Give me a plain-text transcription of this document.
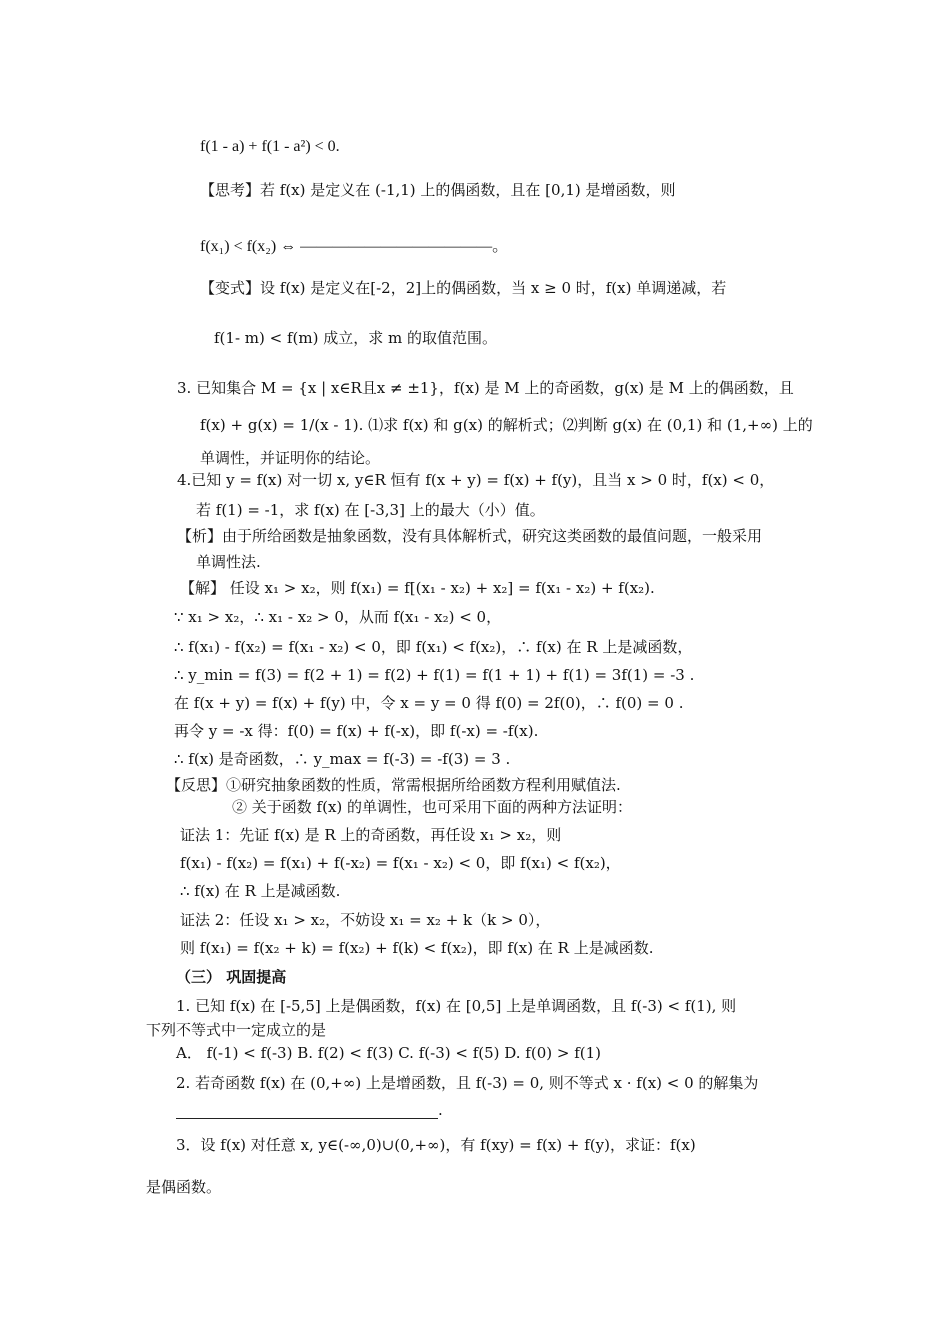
f(1 - a) + f(1 - a²) < 0.
【思考】若 f(x) 是定义在 (-1,1) 上的偶函数，且在 [0,1) 是增函数，则
f(x₁) < f(x₂) ⇔ ————————————。
【变式】设 f(x) 是定义在[-2，2]上的偶函数，当 x ≥ 0 时，f(x) 单调递减，若
f(1- m) < f(m) 成立，求 m 的取值范围。
3. 已知集合 M = {x | x∈R且x ≠ ±1}，f(x) 是 M 上的奇函数，g(x) 是 M 上的偶函数，且
f(x) + g(x) = 1/(x - 1). ⑴求 f(x) 和 g(x) 的解析式；⑵判断 g(x) 在 (0,1) 和 (1,+∞) 上的
单调性，并证明你的结论。
4.已知 y = f(x) 对一切 x, y∈R 恒有 f(x + y) = f(x) + f(y)，且当 x > 0 时，f(x) < 0，
若 f(1) = -1，求 f(x) 在 [-3,3] 上的最大（小）值。
【析】由于所给函数是抽象函数，没有具体解析式，研究这类函数的最值问题，一般采用
单调性法.
【解】 任设 x₁ > x₂，则 f(x₁) = f[(x₁ - x₂) + x₂] = f(x₁ - x₂) + f(x₂).
∵ x₁ > x₂，∴ x₁ - x₂ > 0，从而 f(x₁ - x₂) < 0，
∴ f(x₁) - f(x₂) = f(x₁ - x₂) < 0，即 f(x₁) < f(x₂)，∴ f(x) 在 R 上是减函数，
∴ y_min = f(3) = f(2 + 1) = f(2) + f(1) = f(1 + 1) + f(1) = 3f(1) = -3 .
在 f(x + y) = f(x) + f(y) 中，令 x = y = 0 得 f(0) = 2f(0)，∴ f(0) = 0 .
再令 y = -x 得：f(0) = f(x) + f(-x)，即 f(-x) = -f(x).
∴ f(x) 是奇函数，∴ y_max = f(-3) = -f(3) = 3 .
【反思】①研究抽象函数的性质，常需根据所给函数方程利用赋值法.
② 关于函数 f(x) 的单调性，也可采用下面的两种方法证明：
证法 1：先证 f(x) 是 R 上的奇函数，再任设 x₁ > x₂，则
f(x₁) - f(x₂) = f(x₁) + f(-x₂) = f(x₁ - x₂) < 0，即 f(x₁) < f(x₂)，
∴ f(x) 在 R 上是减函数.
证法 2：任设 x₁ > x₂，不妨设 x₁ = x₂ + k（k > 0），
则 f(x₁) = f(x₂ + k) = f(x₂) + f(k) < f(x₂)，即 f(x) 在 R 上是减函数.
（三） 巩固提高
1. 已知 f(x) 在 [-5,5] 上是偶函数，f(x) 在 [0,5] 上是单调函数，且 f(-3) < f(1), 则
下列不等式中一定成立的是
A． f(-1) < f(-3) B. f(2) < f(3) C. f(-3) < f(5) D. f(0) > f(1)
2. 若奇函数 f(x) 在 (0,+∞) 上是增函数，且 f(-3) = 0, 则不等式 x · f(x) < 0 的解集为
.
3．设 f(x) 对任意 x, y∈(-∞,0)∪(0,+∞)，有 f(xy) = f(x) + f(y)，求证：f(x)
是偶函数。
